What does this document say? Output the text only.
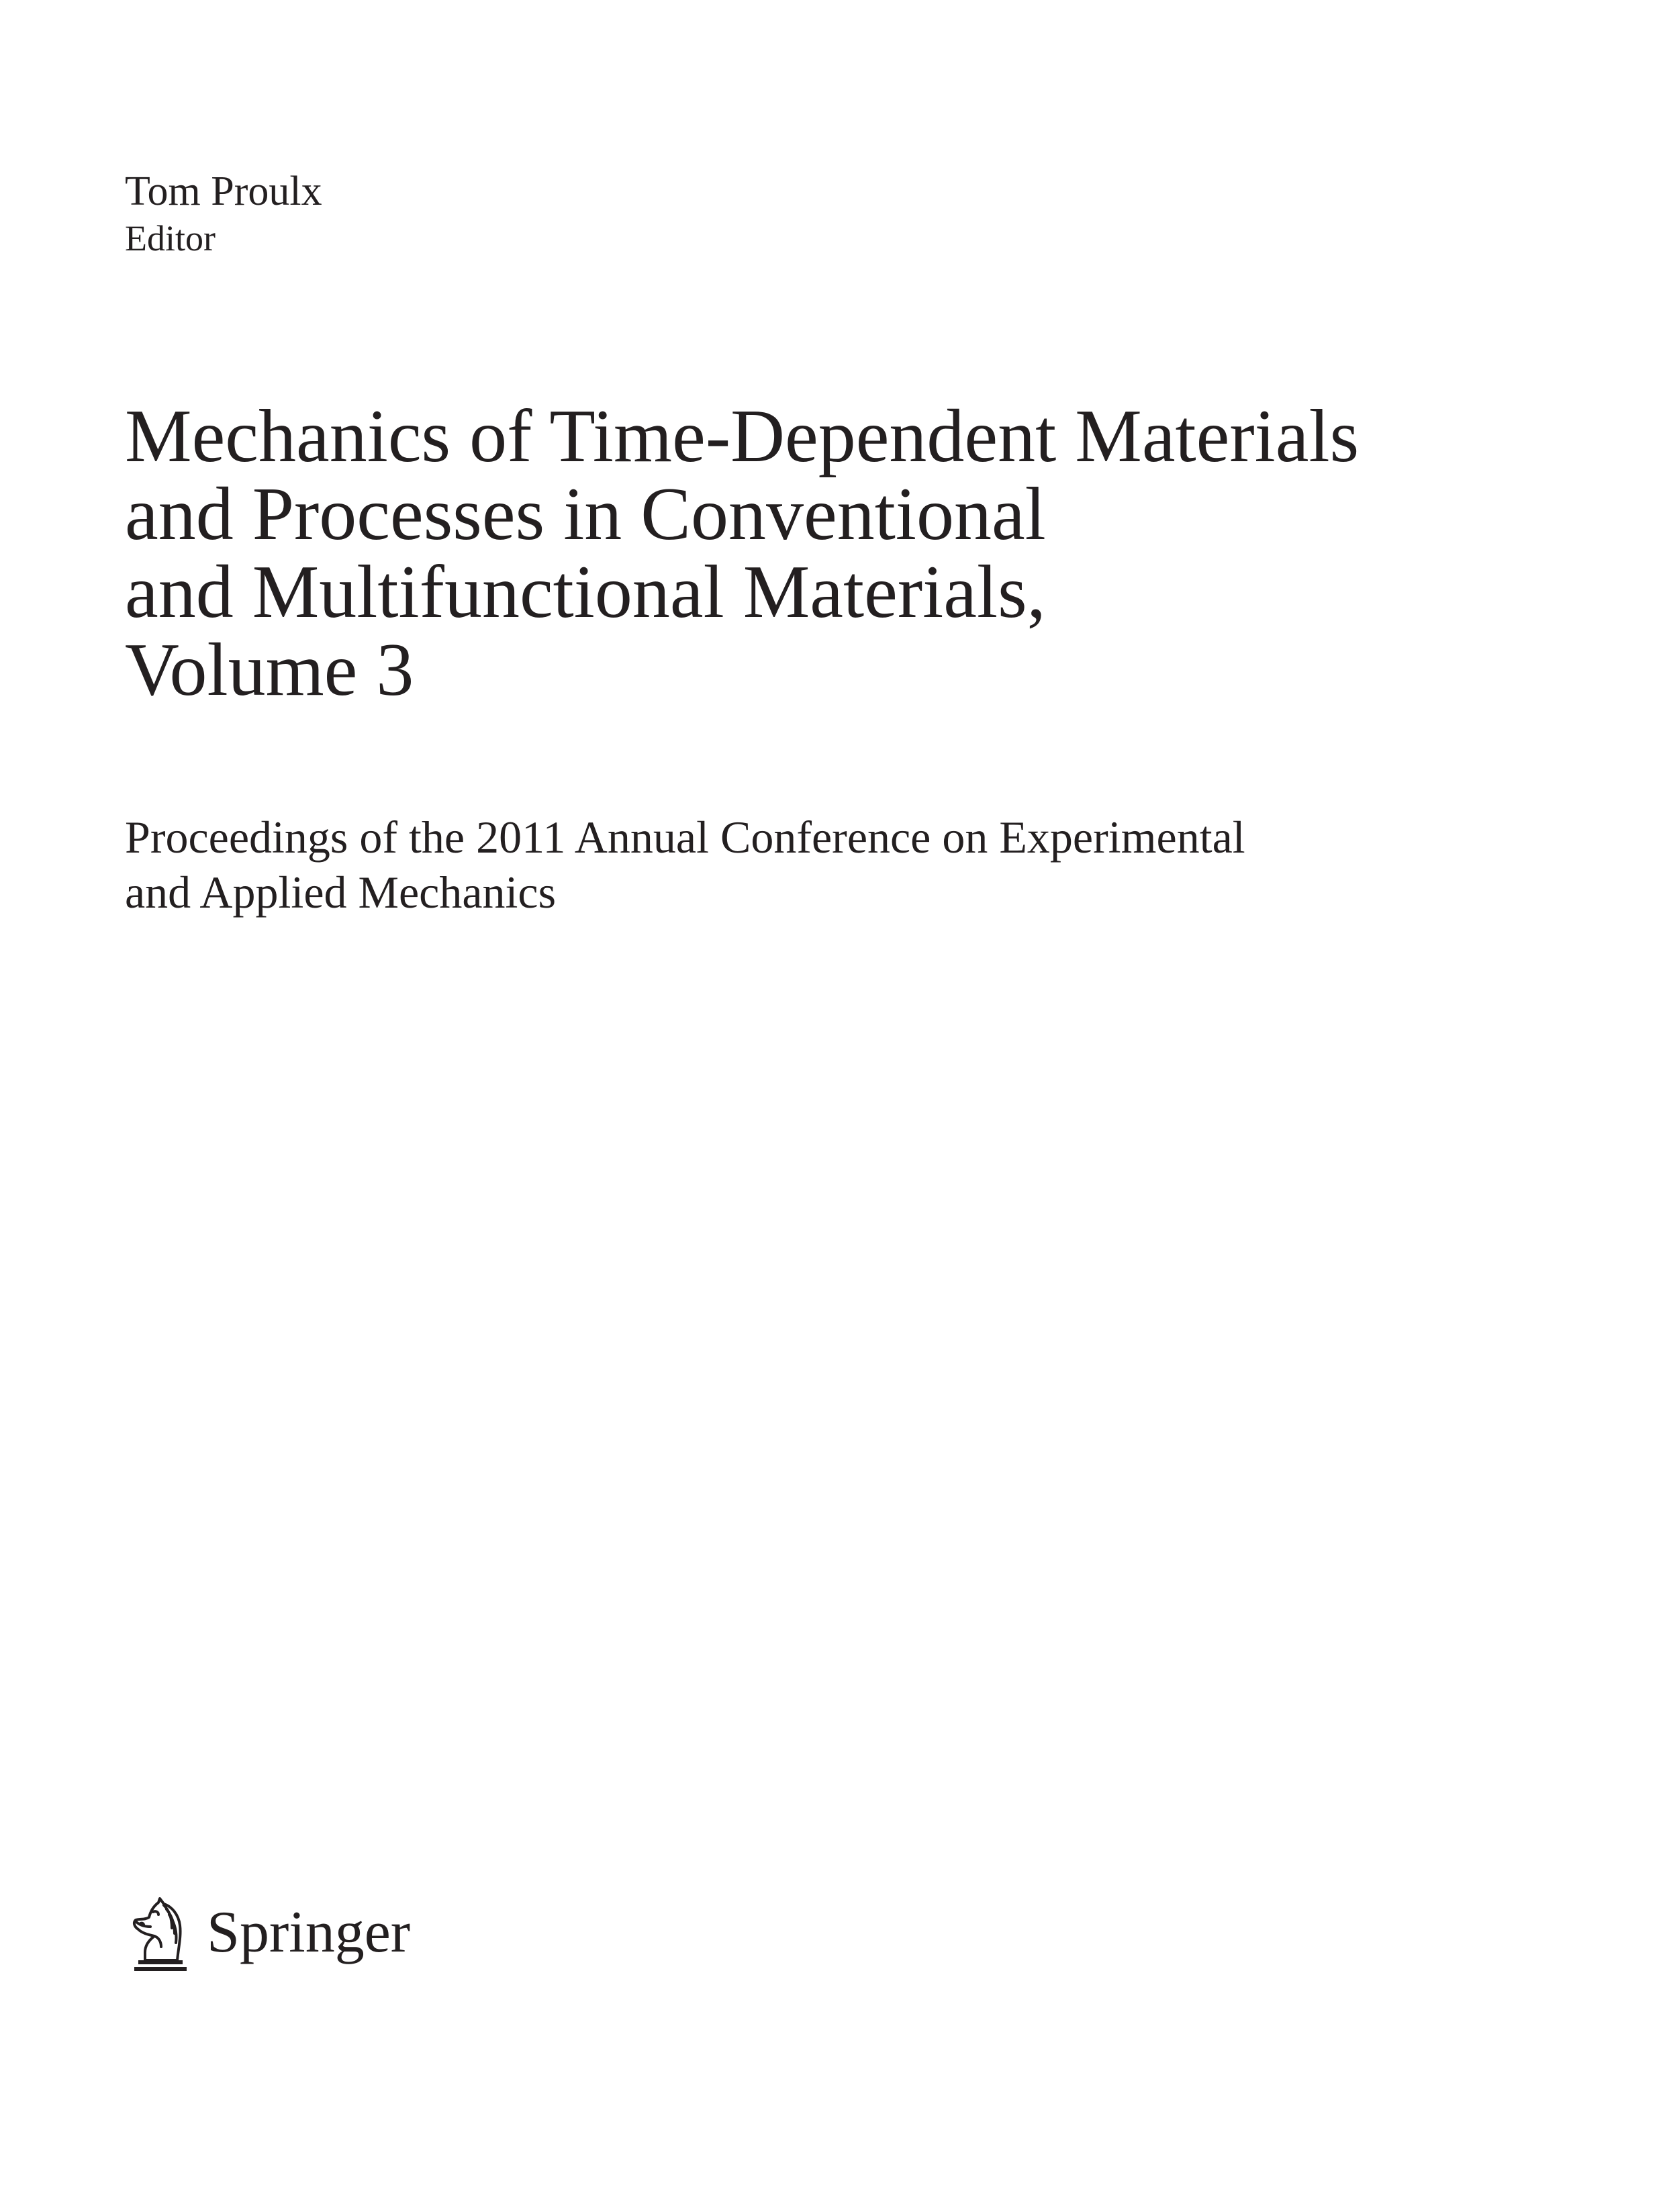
Tom Proulx
Editor
Mechanics of Time-Dependent Materials
and Processes in Conventional
and Multifunctional Materials,
Volume 3
Proceedings of the 2011 Annual Conference on Experimental
and Applied Mechanics
Springer
